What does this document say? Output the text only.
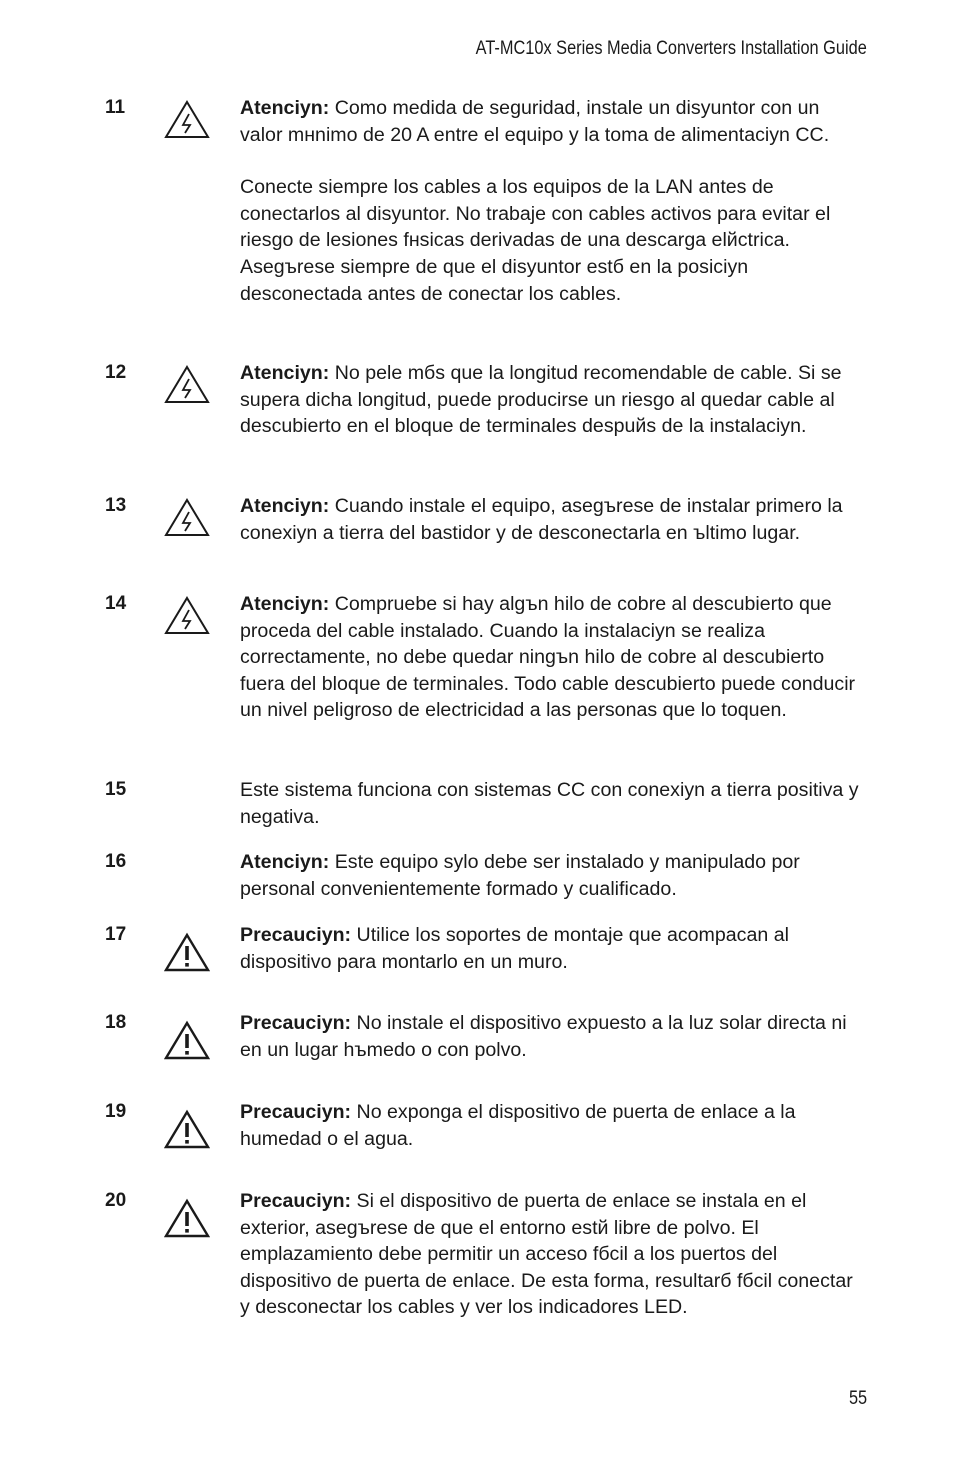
AT-MC10x Series Media Converters Installation Guide
11	Atenciyn: Como medida de seguridad, instale un disyuntor con un valor mнnimo de 20 A entre el equipo y la toma de alimentaciyn CC.

Conecte siempre los cables a los equipos de la LAN antes de conectarlos al disyuntor. No trabaje con cables activos para evitar el riesgo de lesiones fнsicas derivadas de una descarga elйctrica. Asegъrese siempre de que el disyuntor estб en la posiciyn desconectada antes de conectar los cables.

12	Atenciyn: No pele mбs que la longitud recomendable de cable. Si se supera dicha longitud, puede producirse un riesgo al quedar cable al descubierto en el bloque de terminales despuйs de la instalaciyn.

13	Atenciyn: Cuando instale el equipo, asegъrese de instalar primero la conexiyn a tierra del bastidor y de desconectarla en ъltimo lugar.

14	Atenciyn: Compruebe si hay algъn hilo de cobre al descubierto que proceda del cable instalado. Cuando la instalaciyn se realiza correctamente, no debe quedar ningъn hilo de cobre al descubierto fuera del bloque de terminales. Todo cable descubierto puede conducir un nivel peligroso de electricidad a las personas que lo toquen.

15	Este sistema funciona con sistemas CC con conexiyn a tierra positiva y negativa.

16	Atenciyn: Este equipo sylo debe ser instalado y manipulado por personal convenientemente formado y cualificado.

17	Precauciyn: Utilice los soportes de montaje que acompacan al dispositivo para montarlo en un muro.

18	Precauciyn: No instale el dispositivo expuesto a la luz solar directa ni en un lugar hъmedo o con polvo.

19	Precauciyn: No exponga el dispositivo de puerta de enlace a la humedad o el agua.

20	Precauciyn: Si el dispositivo de puerta de enlace se instala en el exterior, asegъrese de que el entorno estй libre de polvo. El emplazamiento debe permitir un acceso fбcil a los puertos del dispositivo de puerta de enlace. De esta forma, resultarб fбcil conectar y desconectar los cables y ver los indicadores LED.

55
